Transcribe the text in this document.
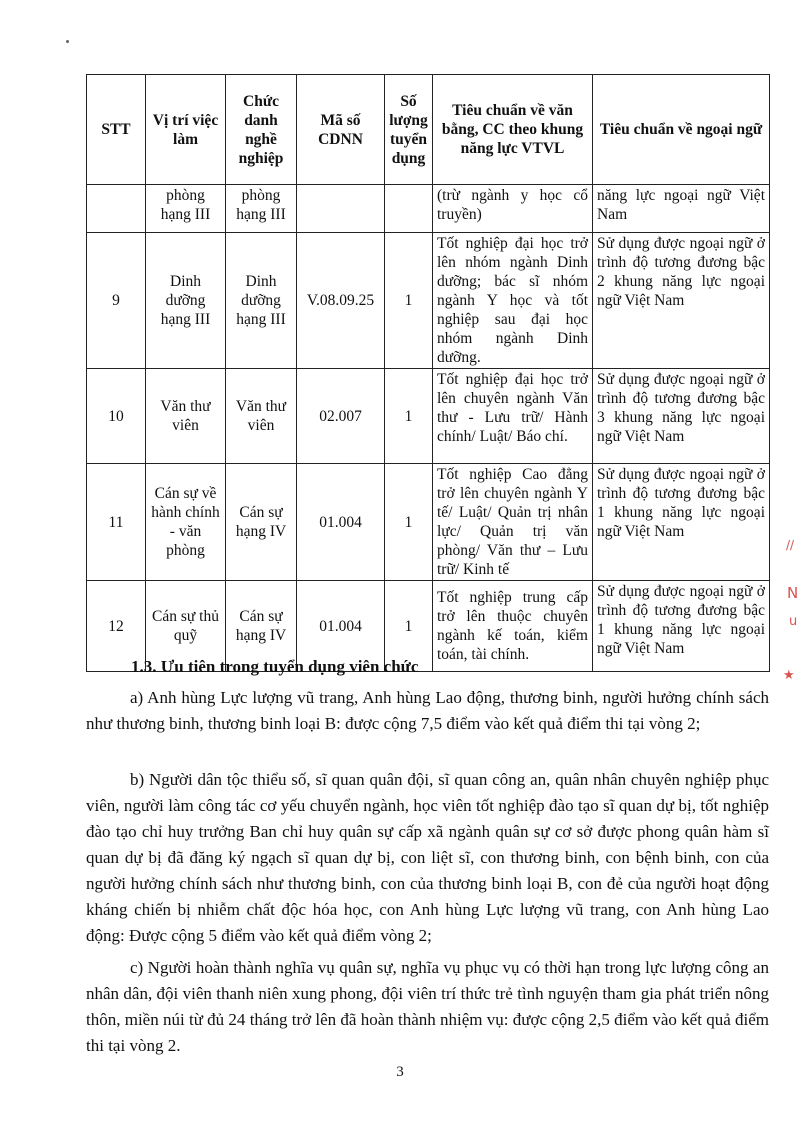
STT	Vị trí việc làm	Chức danh nghề nghiệp	Mã số CDNN	Số lượng tuyển dụng	Tiêu chuẩn về văn bằng, CC theo khung năng lực VTVL	Tiêu chuẩn về ngoại ngữ
	phòng hạng III	phòng hạng III			(trừ ngành y học cổ truyền)	năng lực ngoại ngữ Việt Nam
9	Dinh dưỡng hạng III	Dinh dưỡng hạng III	V.08.09.25	1	Tốt nghiệp đại học trở lên nhóm ngành Dinh dưỡng; bác sĩ nhóm ngành Y học và tốt nghiệp sau đại học nhóm ngành Dinh dưỡng.	Sử dụng được ngoại ngữ ở trình độ tương đương bậc 2 khung năng lực ngoại ngữ Việt Nam
10	Văn thư viên	Văn thư viên	02.007	1	Tốt nghiệp đại học trở lên chuyên ngành Văn thư - Lưu trữ/ Hành chính/ Luật/ Báo chí.	Sử dụng được ngoại ngữ ở trình độ tương đương bậc 3 khung năng lực ngoại ngữ Việt Nam
11	Cán sự về hành chính - văn phòng	Cán sự hạng IV	01.004	1	Tốt nghiệp Cao đẳng trở lên chuyên ngành Y tế/ Luật/ Quản trị nhân lực/ Quản trị văn phòng/ Văn thư – Lưu trữ/ Kinh tế	Sử dụng được ngoại ngữ ở trình độ tương đương bậc 1 khung năng lực ngoại ngữ Việt Nam
12	Cán sự thủ quỹ	Cán sự hạng IV	01.004	1	Tốt nghiệp trung cấp trở lên thuộc chuyên ngành kế toán, kiểm toán, tài chính.	Sử dụng được ngoại ngữ ở trình độ tương đương bậc 1 khung năng lực ngoại ngữ Việt Nam
1.3. Ưu tiên trong tuyển dụng viên chức
a) Anh hùng Lực lượng vũ trang, Anh hùng Lao động, thương binh, người hưởng chính sách như thương binh, thương binh loại B: được cộng 7,5 điểm vào kết quả điểm thi tại vòng 2;
b) Người dân tộc thiểu số, sĩ quan quân đội, sĩ quan công an, quân nhân chuyên nghiệp phục viên, người làm công tác cơ yếu chuyển ngành, học viên tốt nghiệp đào tạo sĩ quan dự bị, tốt nghiệp đào tạo chỉ huy trưởng Ban chỉ huy quân sự cấp xã ngành quân sự cơ sở được phong quân hàm sĩ quan dự bị đã đăng ký ngạch sĩ quan dự bị, con liệt sĩ, con thương binh, con bệnh binh, con của người hưởng chính sách như thương binh, con của thương binh loại B, con đẻ của người hoạt động kháng chiến bị nhiễm chất độc hóa học, con Anh hùng Lực lượng vũ trang, con Anh hùng Lao động: Được cộng 5 điểm vào kết quả điểm vòng 2;
c) Người hoàn thành nghĩa vụ quân sự, nghĩa vụ phục vụ có thời hạn trong lực lượng công an nhân dân, đội viên thanh niên xung phong, đội viên trí thức trẻ tình nguyện tham gia phát triển nông thôn, miền núi từ đủ 24 tháng trở lên đã hoàn thành nhiệm vụ: được cộng 2,5 điểm vào kết quả điểm thi tại vòng 2.
3
//
N
u
★
